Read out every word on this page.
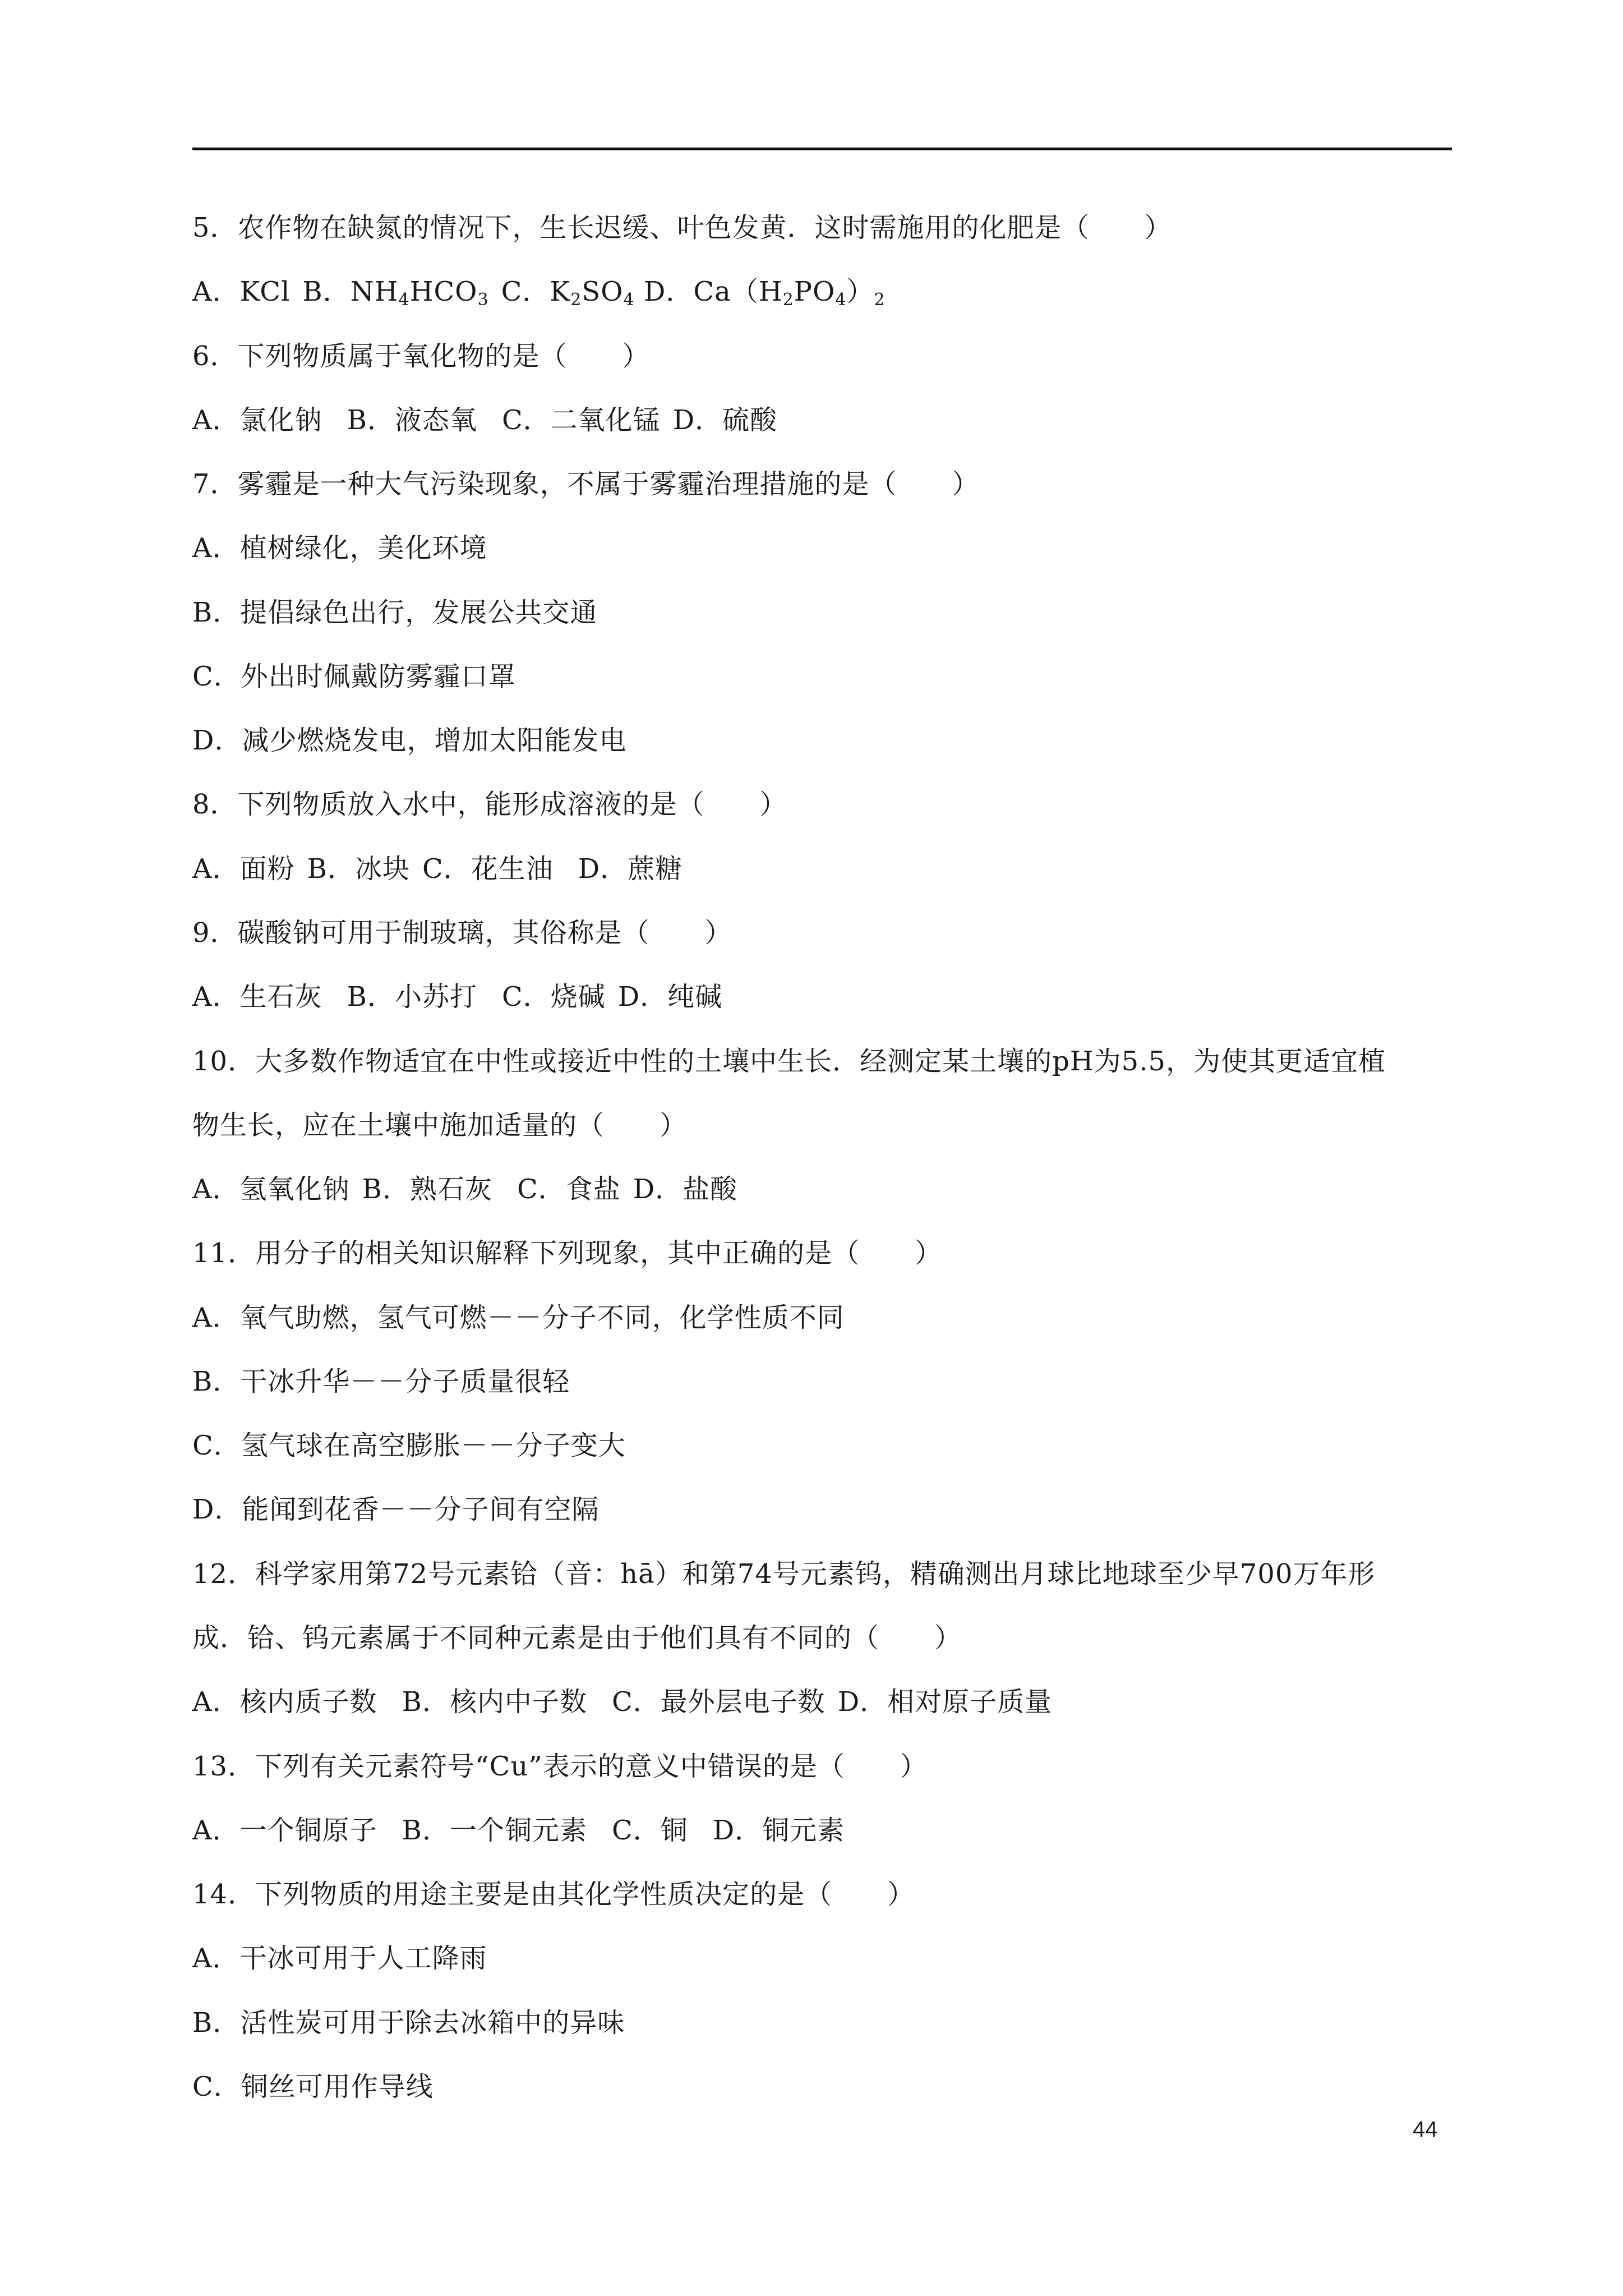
5．农作物在缺氮的情况下，生长迟缓、叶色发黄．这时需施用的化肥是（　　）
A．KCl B．$NH_4HCO_3$ C．$K_2SO_4$ D．$Ca(H_2PO_4)_2$
6．下列物质属于氧化物的是（　　）
A．氯化钠 B．液态氧 C．二氧化锰 D．硫酸
7．雾霾是一种大气污染现象，不属于雾霾治理措施的是（　　）
A．植树绿化，美化环境
B．提倡绿色出行，发展公共交通
C．外出时佩戴防雾霾口罩
D．减少燃烧发电，增加太阳能发电
8．下列物质放入水中，能形成溶液的是（　　）
A．面粉 B．冰块 C．花生油 D．蔗糖
9．碳酸钠可用于制玻璃，其俗称是（　　）
A．生石灰 B．小苏打 C．烧碱 D．纯碱
10．大多数作物适宜在中性或接近中性的土壤中生长．经测定某土壤的pH为5.5，为使其更适宜植
物生长，应在土壤中施加适量的（　　）
A．氢氧化钠 B．熟石灰 C．食盐 D．盐酸
11．用分子的相关知识解释下列现象，其中正确的是（　　）
A．氧气助燃，氢气可燃－－分子不同，化学性质不同
B．干冰升华－－分子质量很轻
C．氢气球在高空膨胀－－分子变大
D．能闻到花香－－分子间有空隔
12．科学家用第72号元素铪（音：hā）和第74号元素钨，精确测出月球比地球至少早700万年形
成．铪、钨元素属于不同种元素是由于他们具有不同的（　　）
A．核内质子数 B．核内中子数 C．最外层电子数 D．相对原子质量
13．下列有关元素符号“Cu”表示的意义中错误的是（　　）
A．一个铜原子 B．一个铜元素 C．铜 D．铜元素
14．下列物质的用途主要是由其化学性质决定的是（　　）
A．干冰可用于人工降雨
B．活性炭可用于除去冰箱中的异味
C．铜丝可用作导线
44
